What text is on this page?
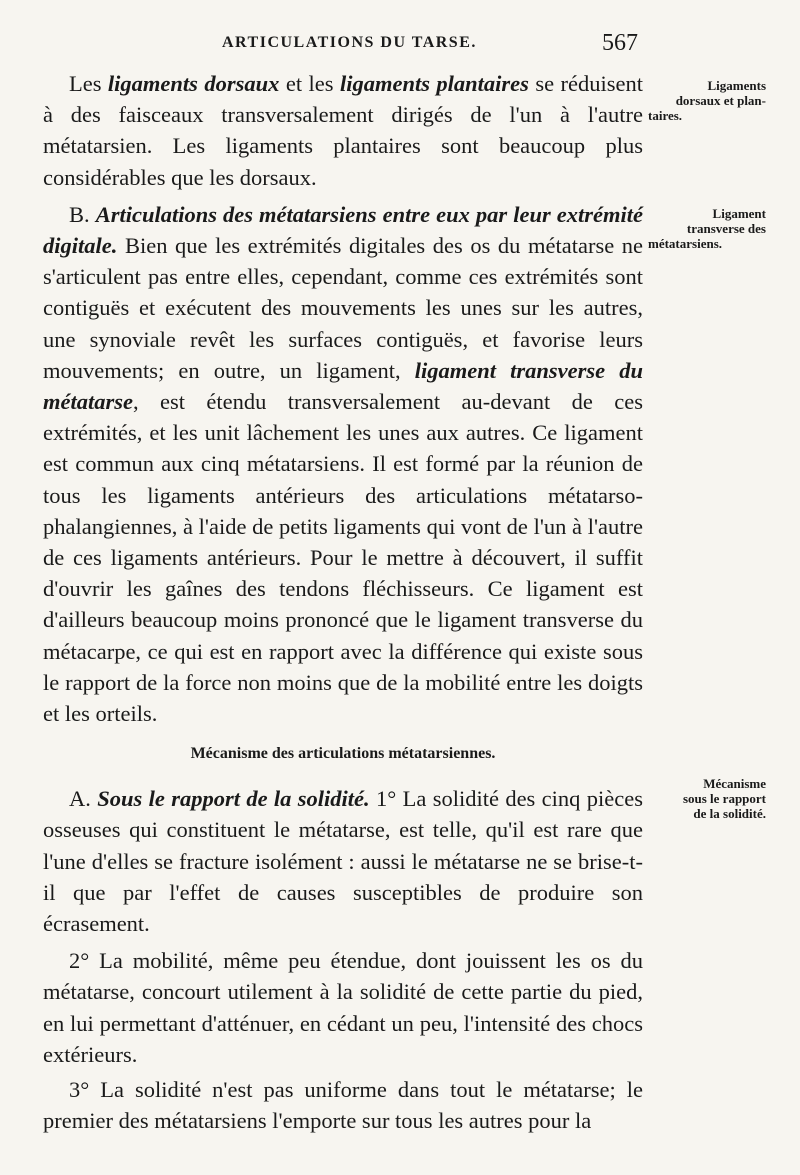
ARTICULATIONS DU TARSE.	567

Les ligaments dorsaux et les ligaments plantaires se réduisent à des faisceaux transversalement dirigés de l'un à l'autre métatarsien. Les ligaments plantaires sont beaucoup plus considérables que les dorsaux.

B. Articulations des métatarsiens entre eux par leur extrémité digitale. Bien que les extrémités digitales des os du métatarse ne s'articulent pas entre elles, cependant, comme ces extrémités sont contiguës et exécutent des mouvements les unes sur les autres, une synoviale revêt les surfaces contiguës, et favorise leurs mouvements; en outre, un ligament, ligament transverse du métatarse, est étendu transversalement au-devant de ces extrémités, et les unit lâchement les unes aux autres. Ce ligament est commun aux cinq métatarsiens. Il est formé par la réunion de tous les ligaments antérieurs des articulations métatarso-phalangiennes, à l'aide de petits ligaments qui vont de l'un à l'autre de ces ligaments antérieurs. Pour le mettre à découvert, il suffit d'ouvrir les gaînes des tendons fléchisseurs. Ce ligament est d'ailleurs beaucoup moins prononcé que le ligament transverse du métacarpe, ce qui est en rapport avec la différence qui existe sous le rapport de la force non moins que de la mobilité entre les doigts et les orteils.

Mécanisme des articulations métatarsiennes.

A. Sous le rapport de la solidité. 1° La solidité des cinq pièces osseuses qui constituent le métatarse, est telle, qu'il est rare que l'une d'elles se fracture isolément : aussi le métatarse ne se brise-t-il que par l'effet de causes susceptibles de produire son écrasement.

2° La mobilité, même peu étendue, dont jouissent les os du métatarse, concourt utilement à la solidité de cette partie du pied, en lui permettant d'atténuer, en cédant un peu, l'intensité des chocs extérieurs.

3° La solidité n'est pas uniforme dans tout le métatarse; le premier des métatarsiens l'emporte sur tous les autres pour la

Ligaments
dorsaux et plan-
taires.
Ligament
transverse des
métatarsiens.
Mécanisme
sous le rapport
de la solidité.
